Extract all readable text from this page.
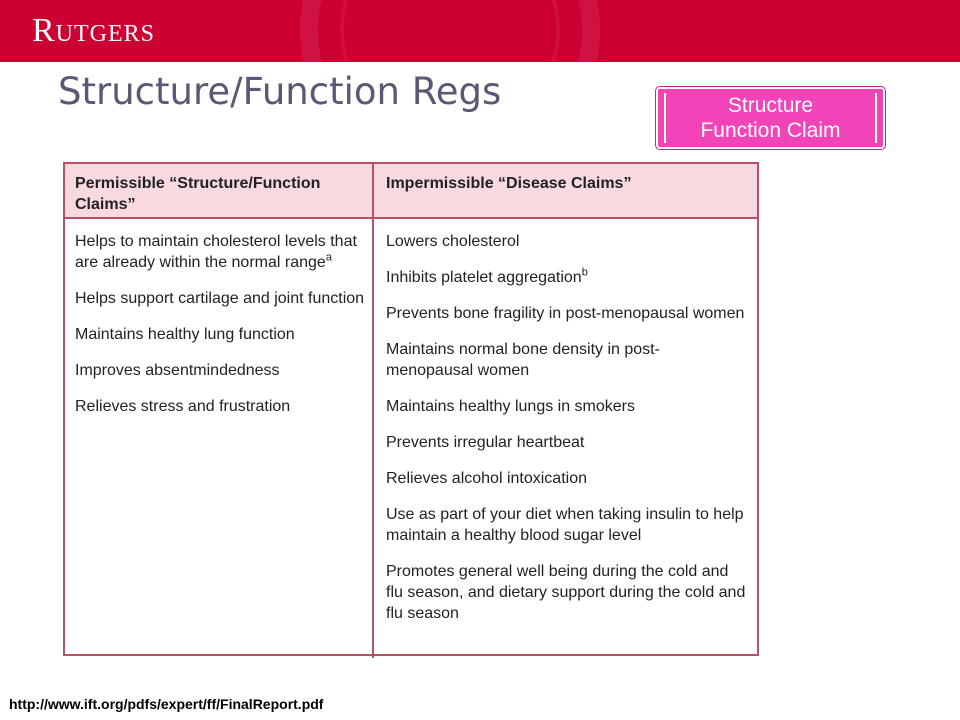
Rutgers
Structure/Function Regs	Structure Function Claim
Permissible “Structure/Function Claims”
Impermissible “Disease Claims”
Helps to maintain cholesterol levels that are already within the normal range$^a$
Helps support cartilage and joint function
Maintains healthy lung function
Improves absentmindedness
Relieves stress and frustration
Lowers cholesterol
Inhibits platelet aggregation$^b$
Prevents bone fragility in post-menopausal women
Maintains normal bone density in post-menopausal women
Maintains healthy lungs in smokers
Prevents irregular heartbeat
Relieves alcohol intoxication
Use as part of your diet when taking insulin to help maintain a healthy blood sugar level
Promotes general well being during the cold and flu season, and dietary support during the cold and flu season
http://www.ift.org/pdfs/expert/ff/FinalReport.pdf
